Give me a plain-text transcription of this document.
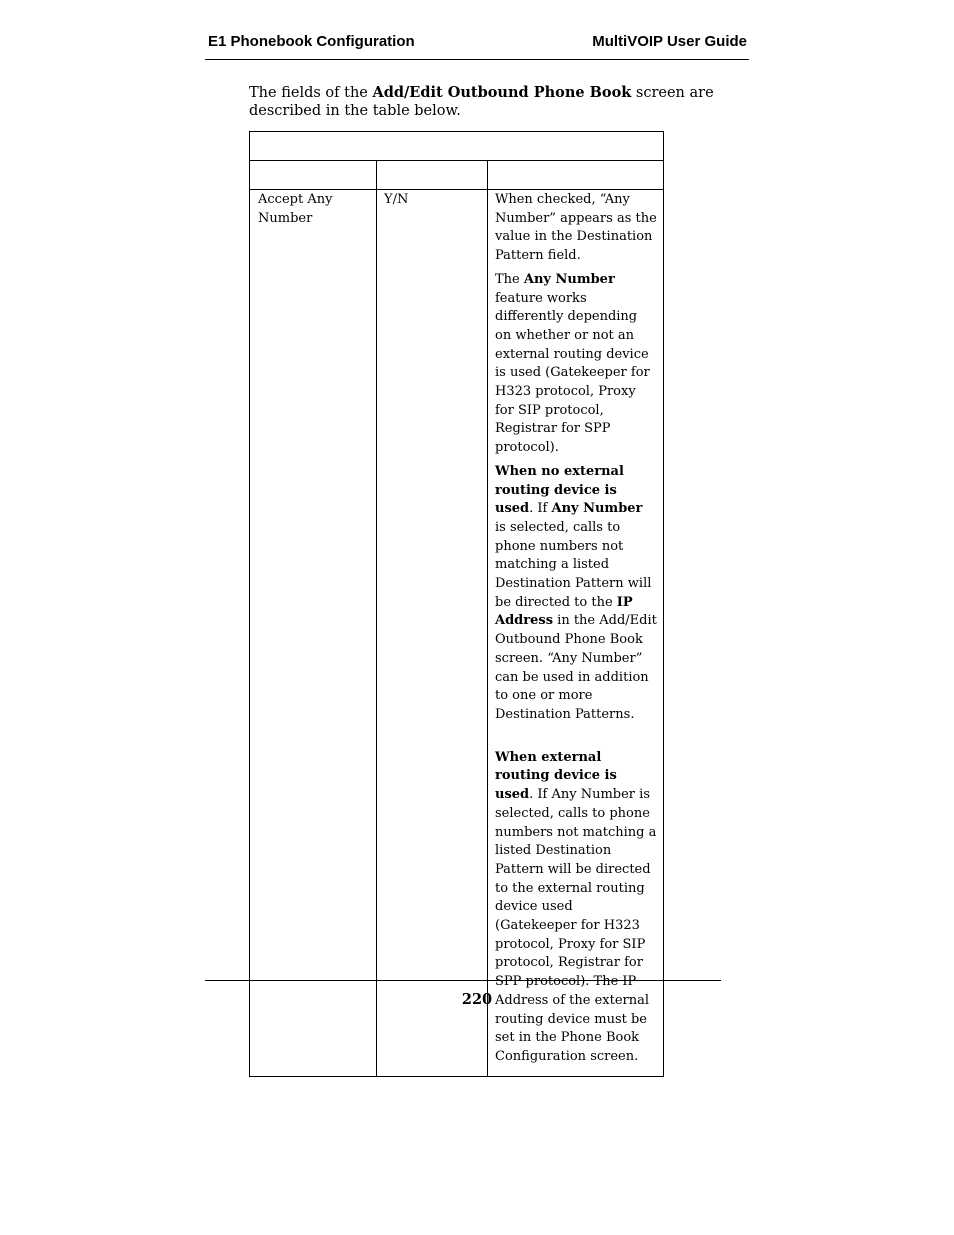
E1 Phonebook Configuration	MultiVOIP User Guide
The fields of the Add/Edit Outbound Phone Book screen are described in the table below.

Accept Any Number	Y/N	When checked, “Any Number” appears as the value in the Destination Pattern field.

The Any Number feature works differently depending on whether or not an external routing device is used (Gatekeeper for H323 protocol, Proxy for SIP protocol, Registrar for SPP protocol).

When no external routing device is used. If Any Number is selected, calls to phone numbers not matching a listed Destination Pattern will be directed to the IP Address in the Add/Edit Outbound Phone Book screen. “Any Number” can be used in addition to one or more Destination Patterns.

When external routing device is used. If Any Number is selected, calls to phone numbers not matching a listed Destination Pattern will be directed to the external routing device used (Gatekeeper for H323 protocol, Proxy for SIP protocol, Registrar for SPP protocol). The IP Address of the external routing device must be set in the Phone Book Configuration screen.

220
